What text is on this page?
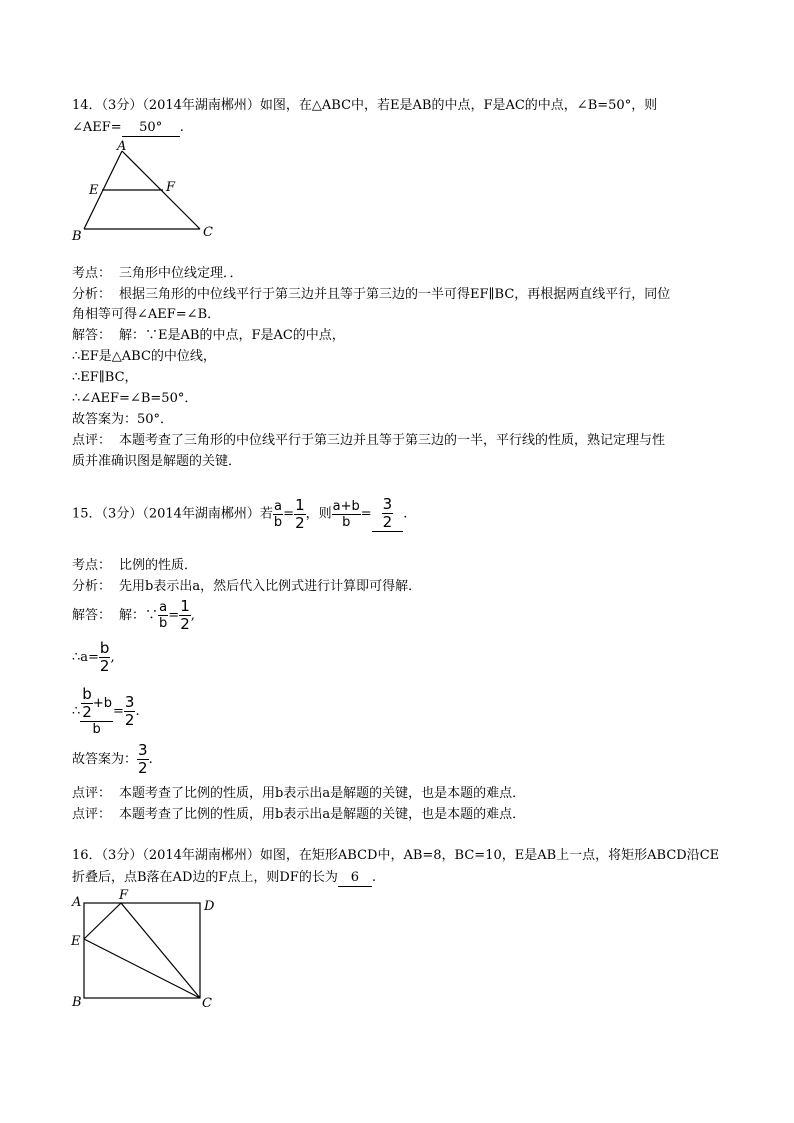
14．（3分）（2014年湖南郴州）如图，在△ABC中，若E是AB的中点，F是AC的中点，∠B=50°，则
∠AEF= 50° .
A
E	F
B	C
A	F
D
E
B	C
考点： 三角形中位线定理．．
分析： 根据三角形的中位线平行于第三边并且等于第三边的一半可得EF∥BC，再根据两直线平行，同位
角相等可得∠AEF=∠B．
解答： 解：∵E是AB的中点，F是AC的中点，
∴EF是△ABC的中位线，
∴EF∥BC，
∴∠AEF=∠B=50°．
故答案为：50°．
点评： 本题考查了三角形的中位线平行于第三边并且等于第三边的一半，平行线的性质，熟记定理与性
质并准确识图是解题的关键．
15．（3分）（2014年湖南郴州）若 $\frac{a}{b} = \frac{1}{2}$ ，则 $\frac{a+b}{b} = \frac{3}{2}$ .
考点： 比例的性质．
分析： 先用b表示出a，然后代入比例式进行计算即可得解．
解答： 解：∵ $\frac{a}{b} = \frac{1}{2}$ ,
∴a= $\frac{b}{2}$ ,
∴ $\frac{\frac{b}{2} +b}{b} = \frac{3}{2}$ .
故答案为： $\frac{3}{2}$ .
点评： 本题考查了比例的性质，用b表示出a是解题的关键，也是本题的难点．
点评： 本题考查了比例的性质，用b表示出a是解题的关键，也是本题的难点．
16．（3分）（2014年湖南郴州）如图，在矩形ABCD中，AB=8，BC=10，E是AB上一点，将矩形ABCD沿CE
折叠后，点B落在AD边的F点上，则DF的长为 6 .
